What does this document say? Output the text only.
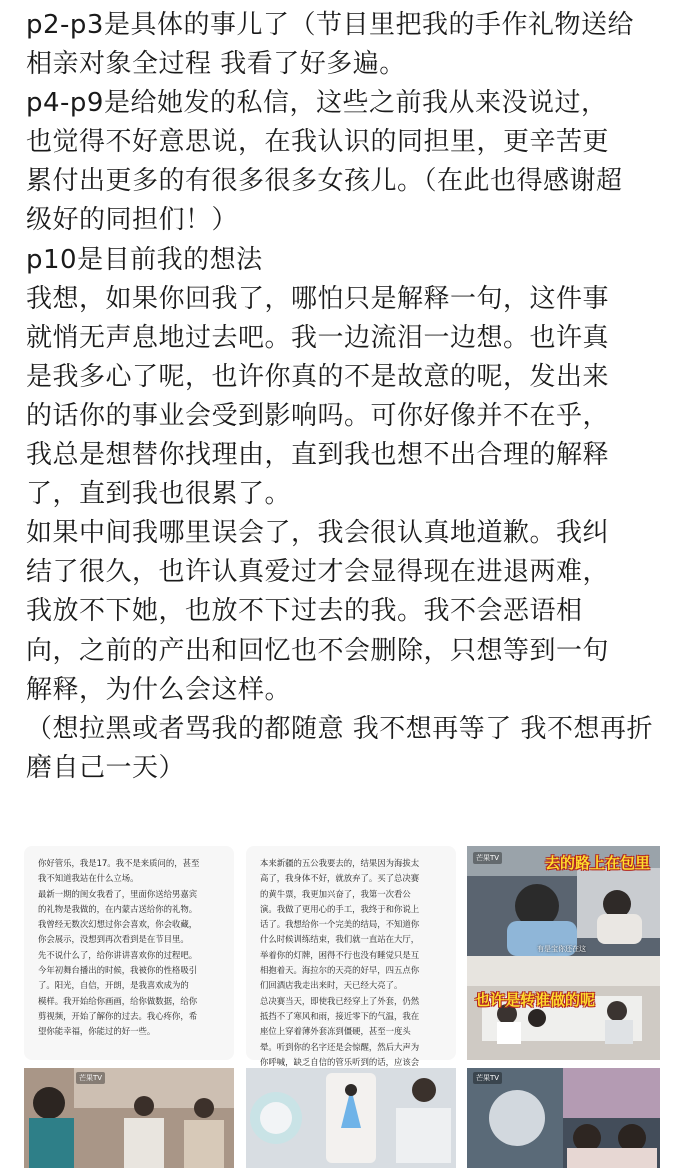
p2-p3是具体的事儿了（节目里把我的手作礼物送给
相亲对象全过程 我看了好多遍。
p4-p9是给她发的私信，这些之前我从来没说过，
也觉得不好意思说，在我认识的同担里，更辛苦更
累付出更多的有很多很多女孩儿。（在此也得感谢超
级好的同担们！）
p10是目前我的想法
我想，如果你回我了，哪怕只是解释一句，这件事
就悄无声息地过去吧。我一边流泪一边想。也许真
是我多心了呢，也许你真的不是故意的呢，发出来
的话你的事业会受到影响吗。可你好像并不在乎，
我总是想替你找理由，直到我也想不出合理的解释
了，直到我也很累了。
如果中间我哪里误会了，我会很认真地道歉。我纠
结了很久，也许认真爱过才会显得现在进退两难，
我放不下她，也放不下过去的我。我不会恶语相
向，之前的产出和回忆也不会删除，只想等到一句
解释，为什么会这样。
（想拉黑或者骂我的都随意 我不想再等了 我不想再折
磨自己一天）
你好管乐，我是17。我不是来质问的，甚至
我不知道我站在什么立场。
最新一期的闺女我看了，里面你送给男嘉宾
的礼物是我做的，在内蒙古送给你的礼物。
我曾经无数次幻想过你会喜欢，你会收藏，
你会展示，没想到再次看到是在节目里。
先不说什么了，给你讲讲喜欢你的过程吧。
今年初舞台播出的时候，我被你的性格吸引
了。阳光，自信，开朗，是我喜欢成为的
模样。我开始给你画画，给你做数据，给你
剪视频，开始了解你的过去。我心疼你，希
望你能幸福，你能过的好一些。
本来新疆的五公我要去的，结果因为海拔太
高了，我身体不好，就放弃了。买了总决赛
的黄牛票，我更加兴奋了，我第一次看公
演。我做了更用心的手工，我终于和你说上
话了。我想给你一个完美的结局，不知道你
什么时候训练结束，我们就一直站在大厅，
举着你的灯牌，困得不行也没有睡觉只是互
相抱着天。海拉尔的天亮的好早，四五点你
们回酒店我走出来时，天已经大亮了。
总决赛当天，即使我已经穿上了外套，仍然
抵挡不了寒风和雨，接近零下的气温，我在
座位上穿着薄外套冻到僵硬，甚至一度头
晕。听到你的名字还是会惊醒，然后大声为
你呼喊，缺乏自信的管乐听到的话，应该会
去的路上在包里
也许是转谁做的呢
芒果TV
有是宝你还在这
芒果TV	芒果TV
